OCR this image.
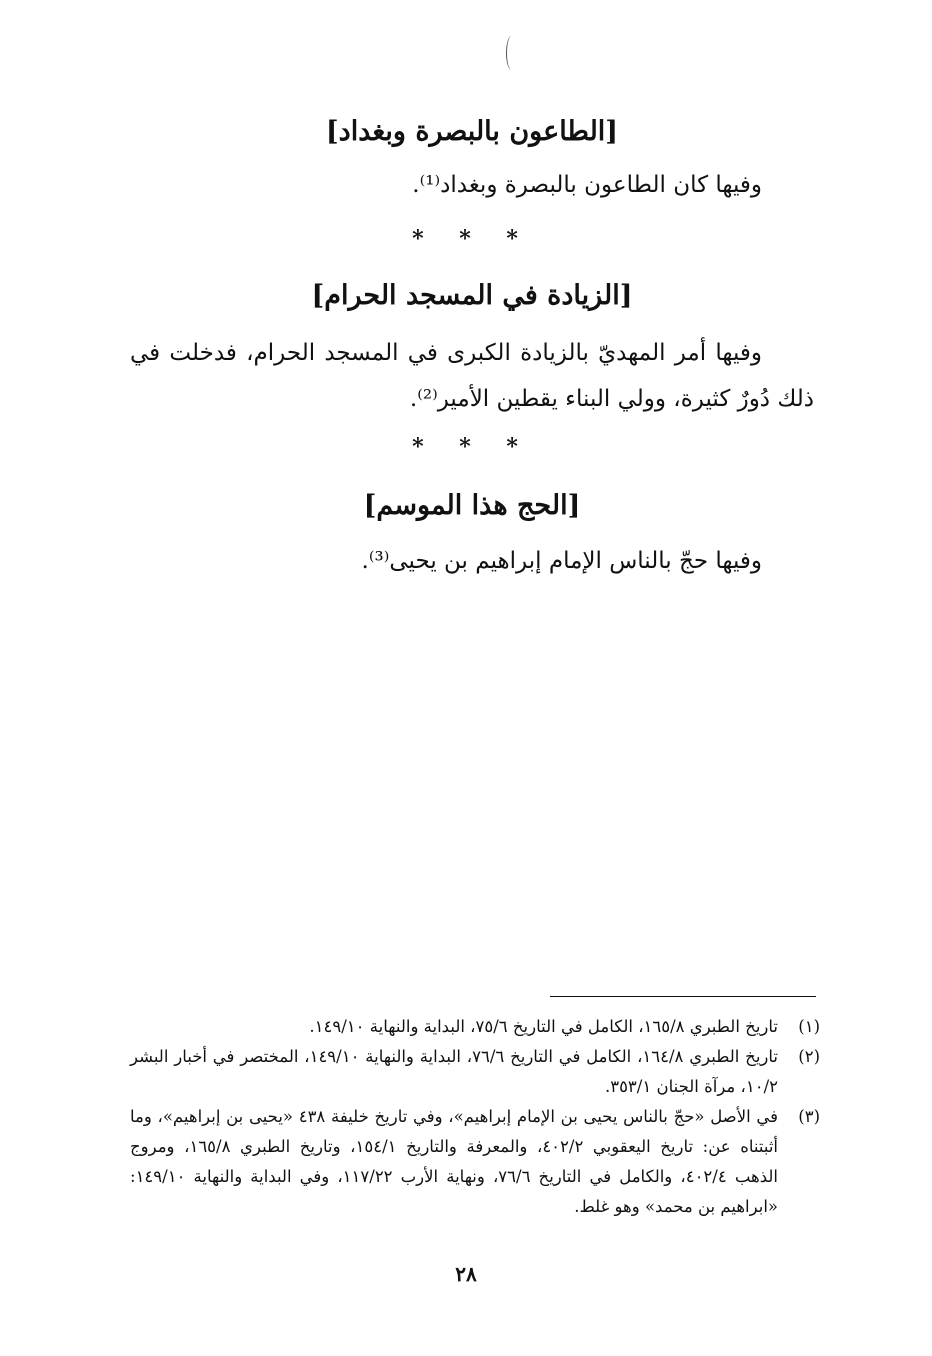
[الطاعون بالبصرة وبغداد]
وفيها كان الطاعون بالبصرة وبغداد⁽¹⁾.
* * *
[الزيادة في المسجد الحرام]
وفيها أمر المهديّ بالزيادة الكبرى في المسجد الحرام، فدخلت في ذلك دُورٌ كثيرة، وولي البناء يقطين الأمير⁽²⁾.
* * *
[الحج هذا الموسم]
وفيها حجّ بالناس الإمام إبراهيم بن يحيى⁽³⁾.
(١)
تاريخ الطبري ١٦٥/٨، الكامل في التاريخ ٧٥/٦، البداية والنهاية ١٤٩/١٠.
(٢)
تاريخ الطبري ١٦٤/٨، الكامل في التاريخ ٧٦/٦، البداية والنهاية ١٤٩/١٠، المختصر في أخبار البشر ١٠/٢، مرآة الجنان ٣٥٣/١.
(٣)
في الأصل «حجّ بالناس يحيى بن الإمام إبراهيم»، وفي تاريخ خليفة ٤٣٨ «يحيى بن إبراهيم»، وما أثبتناه عن: تاريخ اليعقوبي ٤٠٢/٢، والمعرفة والتاريخ ١٥٤/١، وتاريخ الطبري ١٦٥/٨، ومروج الذهب ٤٠٢/٤، والكامل في التاريخ ٧٦/٦، ونهاية الأرب ١١٧/٢٢، وفي البداية والنهاية ١٤٩/١٠: «ابراهيم بن محمد» وهو غلط.
٢٨
